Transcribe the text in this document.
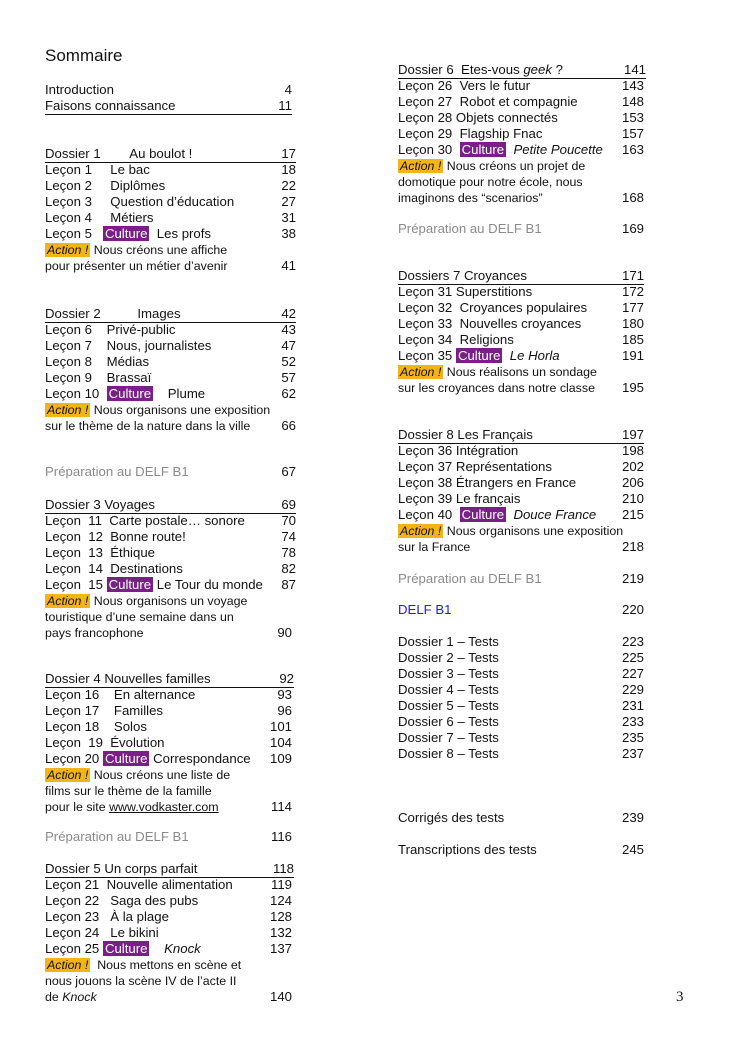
Sommaire
Introduction	4
Faisons connaissance	11
Dossier 1        Au boulot !	17
Leçon 1     Le bac	18
Leçon 2     Diplômes	22
Leçon 3     Question d’éducation	27
Leçon 4     Métiers	31
Leçon 5 Culture Les profs	38
Action ! Nous créons une affiche
pour présenter un métier d’avenir	41
Dossier 2          Images	42
Leçon 6    Privé-public	43
Leçon 7    Nous, journalistes	47
Leçon 8    Médias	52
Leçon 9    Brassaï	57
Leçon 10 Culture Plume	62
Action ! Nous organisons une exposition
sur le thème de la nature dans la ville	66
Préparation au DELF B1	67
Dossier 3 Voyages	69
Leçon  11  Carte postale… sonore	70
Leçon  12  Bonne route!	74
Leçon  13  Éthique	78
Leçon  14  Destinations	82
Leçon  15 Culture Le Tour du monde	87
Action ! Nous organisons un voyage
touristique d’une semaine dans un
pays francophone	90
Dossier 4 Nouvelles familles	92
Leçon 16    En alternance	93
Leçon 17    Familles	96
Leçon 18    Solos	101
Leçon  19  Évolution	104
Leçon 20 Culture Correspondance	109
Action ! Nous créons une liste de
films sur le thème de la famille
pour le site www.vodkaster.com	114
Préparation au DELF B1	116
Dossier 5 Un corps parfait	118
Leçon 21  Nouvelle alimentation	119
Leçon 22   Saga des pubs	124
Leçon 23   À la plage	128
Leçon 24   Le bikini	132
Leçon 25 Culture Knock	137
Action !  Nous mettons en scène et
nous jouons la scène IV de l’acte II
de Knock	140
Dossier 6  Etes-vous geek ?	141
Leçon 26  Vers le futur	143
Leçon 27  Robot et compagnie	148
Leçon 28 Objets connectés	153
Leçon 29  Flagship Fnac	157
Leçon 30 Culture Petite Poucette	163
Action ! Nous créons un projet de
domotique pour notre école, nous
imaginons des “scenarios”	168
Préparation au DELF B1	169
Dossiers 7 Croyances	171
Leçon 31 Superstitions	172
Leçon 32  Croyances populaires	177
Leçon 33  Nouvelles croyances	180
Leçon 34  Religions	185
Leçon 35 Culture Le Horla	191
Action ! Nous réalisons un sondage
sur les croyances dans notre classe	195
Dossier 8 Les Français	197
Leçon 36 Intégration	198
Leçon 37 Représentations	202
Leçon 38 Étrangers en France	206
Leçon 39 Le français	210
Leçon 40 Culture Douce France	215
Action ! Nous organisons une exposition
sur la France	218
Préparation au DELF B1	219
DELF B1	220
Dossier 1 – Tests	223
Dossier 2 – Tests	225
Dossier 3 – Tests	227
Dossier 4 – Tests	229
Dossier 5 – Tests	231
Dossier 6 – Tests	233
Dossier 7 – Tests	235
Dossier 8 – Tests	237
Corrigés des tests	239
Transcriptions des tests	245
3
